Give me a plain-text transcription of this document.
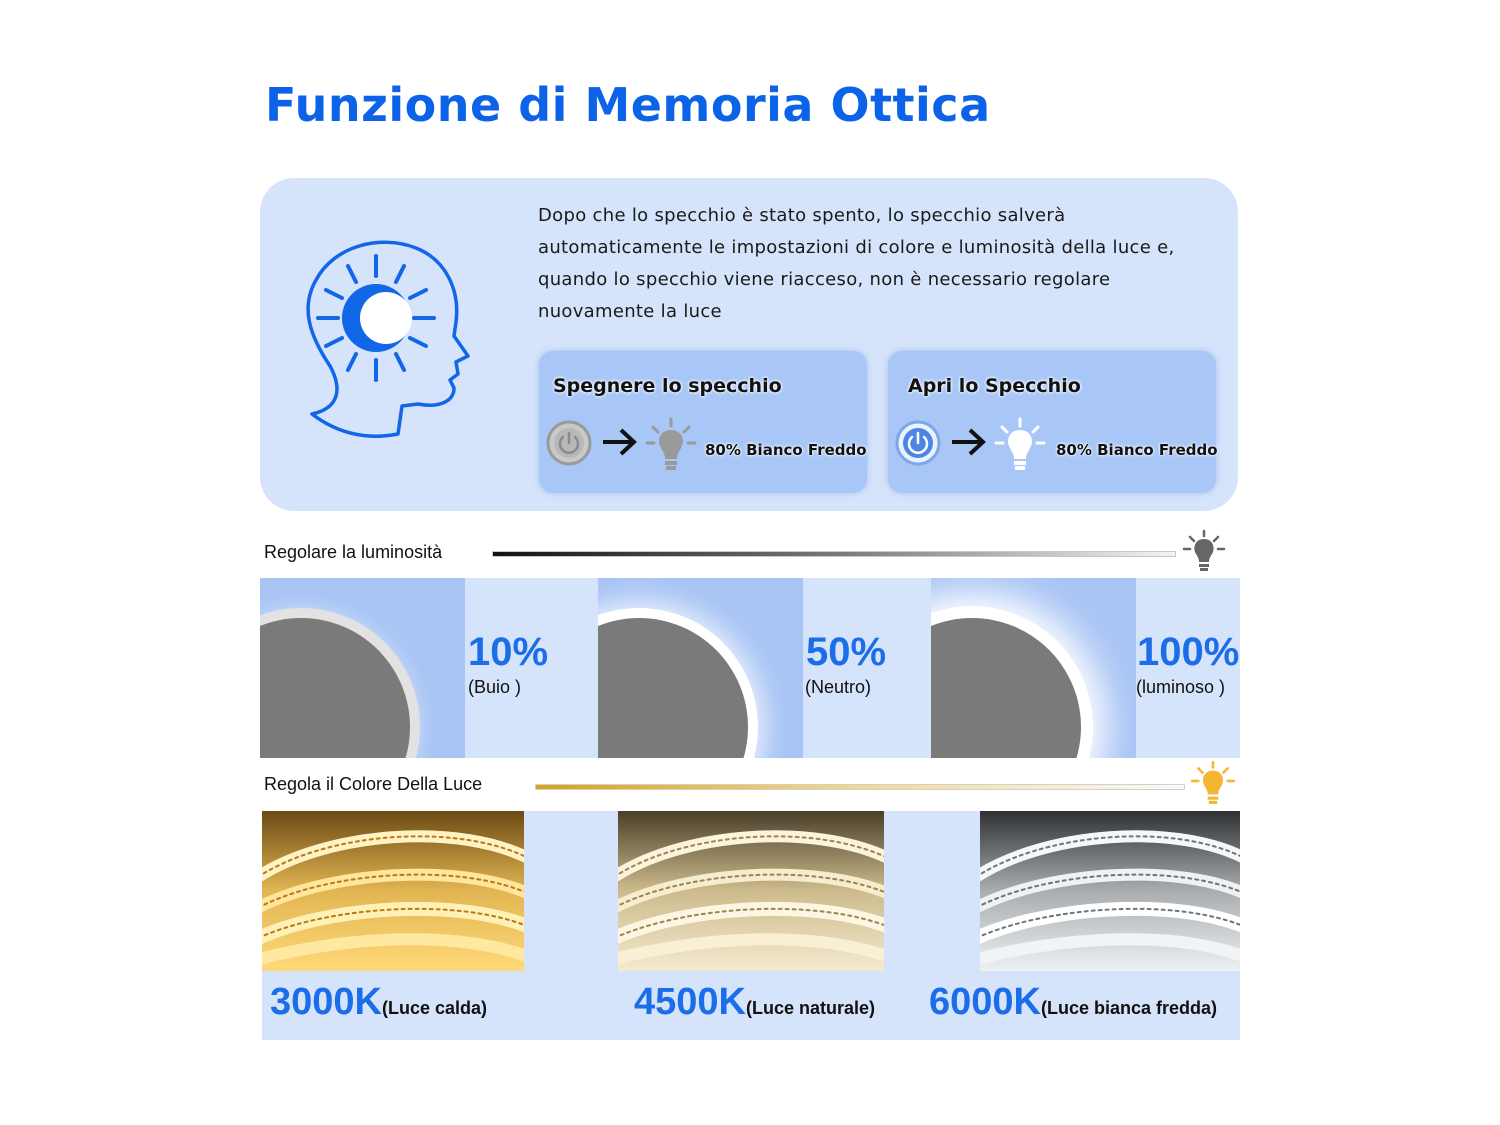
Funzione di Memoria Ottica

Dopo che lo specchio è stato spento, lo specchio salverà automaticamente le impostazioni di colore e luminosità della luce e, quando lo specchio viene riacceso, non è necessario regolare nuovamente la luce

Spegnere lo specchio
80% Bianco Freddo
Apri lo Specchio
80% Bianco Freddo
Regolare la luminosità
10%
(Buio )
50%
(Neutro)
100%
(luminoso )
Regola il Colore Della Luce
3000K(Luce calda)	4500K(Luce naturale) 6000K(Luce bianca fredda)
